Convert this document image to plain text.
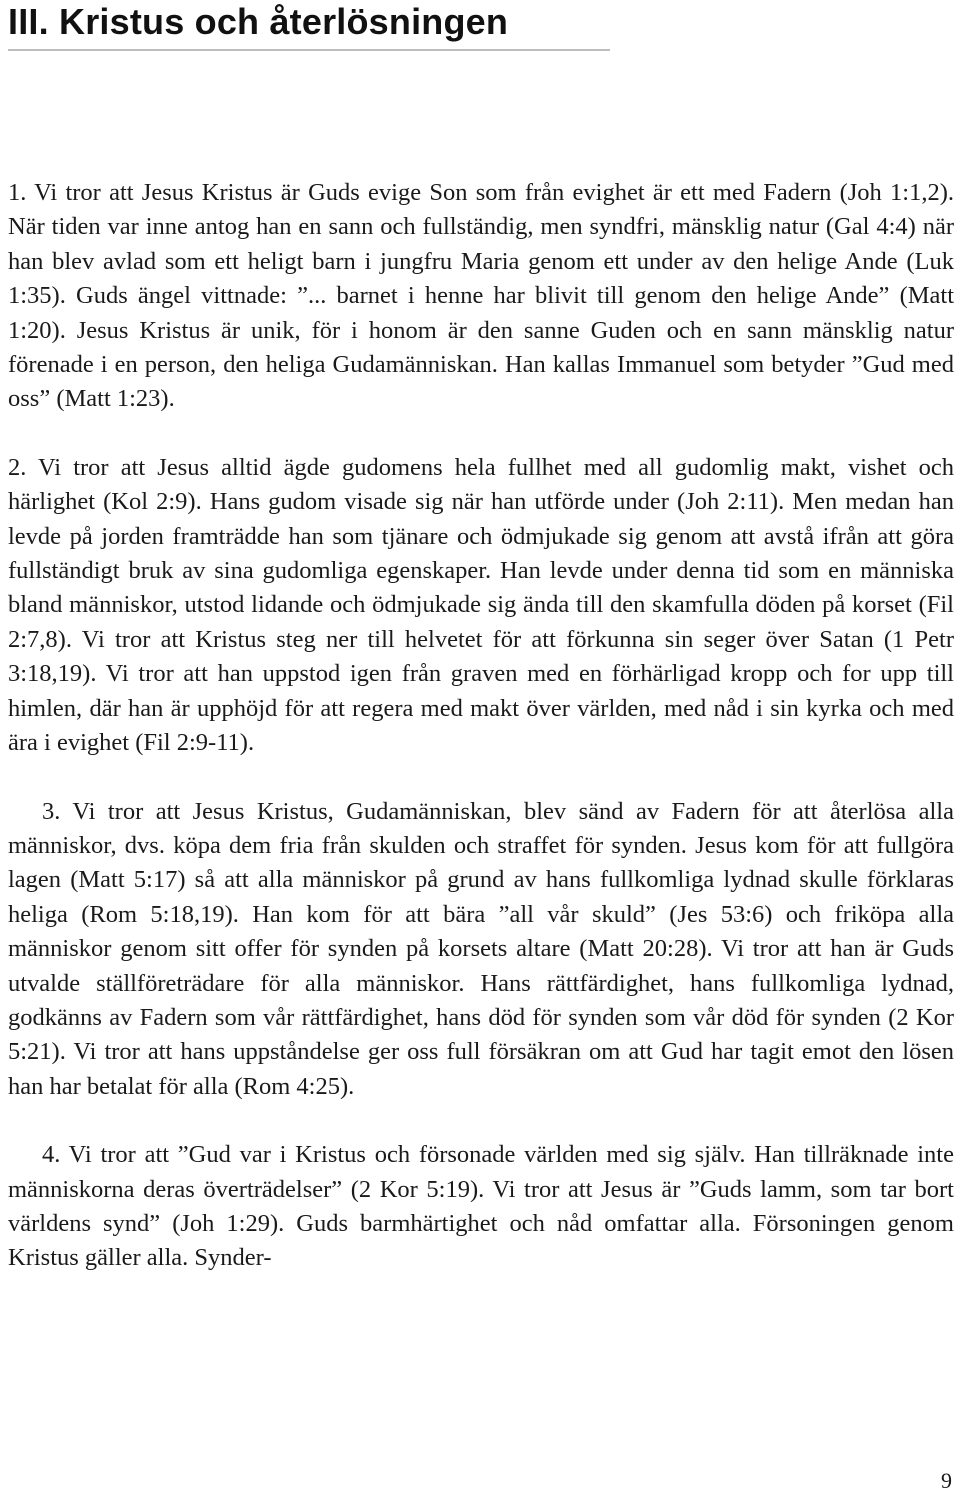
III. Kristus och återlösningen

1. Vi tror att Jesus Kristus är Guds evige Son som från evighet är ett med Fadern (Joh 1:1,2). När tiden var inne antog han en sann och fullständig, men syndfri, mänsklig natur (Gal 4:4) när han blev avlad som ett heligt barn i jungfru Maria genom ett under av den helige Ande (Luk 1:35). Guds ängel vittnade: ”... barnet i henne har blivit till genom den helige Ande” (Matt 1:20). Jesus Kristus är unik, för i honom är den sanne Guden och en sann mänsklig natur förenade i en person, den heliga Gudamänniskan. Han kallas Immanuel som betyder ”Gud med oss” (Matt 1:23).

2. Vi tror att Jesus alltid ägde gudomens hela fullhet med all gudomlig makt, vishet och härlighet (Kol 2:9). Hans gudom visade sig när han utförde under (Joh 2:11). Men medan han levde på jorden framträdde han som tjänare och ödmjukade sig genom att avstå ifrån att göra fullständigt bruk av sina gudomliga egenskaper. Han levde under denna tid som en människa bland människor, utstod lidande och ödmjukade sig ända till den skamfulla döden på korset (Fil 2:7,8). Vi tror att Kristus steg ner till helvetet för att förkunna sin seger över Satan (1 Petr 3:18,19). Vi tror att han uppstod igen från graven med en förhärligad kropp och for upp till himlen, där han är upphöjd för att regera med makt över världen, med nåd i sin kyrka och med ära i evighet (Fil 2:9-11).

3. Vi tror att Jesus Kristus, Gudamänniskan, blev sänd av Fadern för att återlösa alla människor, dvs. köpa dem fria från skulden och straffet för synden. Jesus kom för att fullgöra lagen (Matt 5:17) så att alla människor på grund av hans fullkomliga lydnad skulle förklaras heliga (Rom 5:18,19). Han kom för att bära ”all vår skuld” (Jes 53:6) och friköpa alla människor genom sitt offer för synden på korsets altare (Matt 20:28). Vi tror att han är Guds utvalde ställföreträdare för alla människor. Hans rättfärdighet, hans fullkomliga lydnad, godkänns av Fadern som vår rättfärdighet, hans död för synden som vår död för synden (2 Kor 5:21). Vi tror att hans uppståndelse ger oss full försäkran om att Gud har tagit emot den lösen han har betalat för alla (Rom 4:25).

4. Vi tror att ”Gud var i Kristus och försonade världen med sig själv. Han tillräknade inte människorna deras överträdelser” (2 Kor 5:19). Vi tror att Jesus är ”Guds lamm, som tar bort världens synd” (Joh 1:29). Guds barmhärtighet och nåd omfattar alla. Försoningen genom Kristus gäller alla. Synder-

9
